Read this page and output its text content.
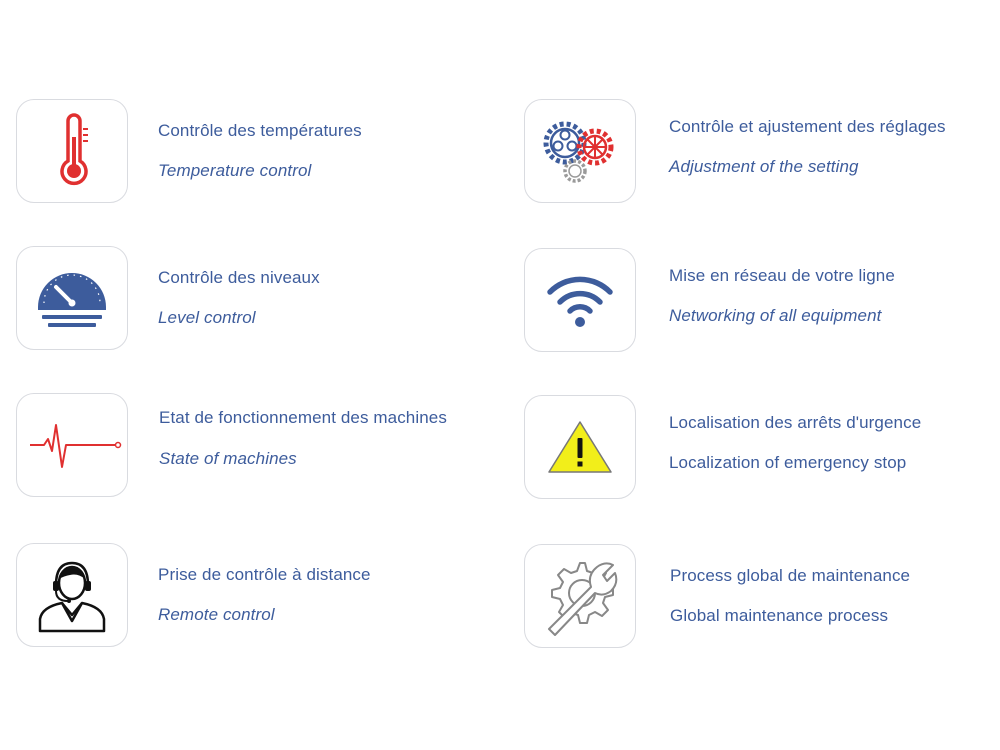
Contrôle des températures
Temperature control
Contrôle et ajustement des réglages
Adjustment of the setting
Contrôle des niveaux
Level control
Mise en réseau de votre ligne
Networking of all equipment
Etat de fonctionnement des machines
State of machines
Localisation des arrêts d'urgence
Localization of emergency stop
Prise de contrôle à distance
Remote control
Process global de maintenance
Global maintenance process
